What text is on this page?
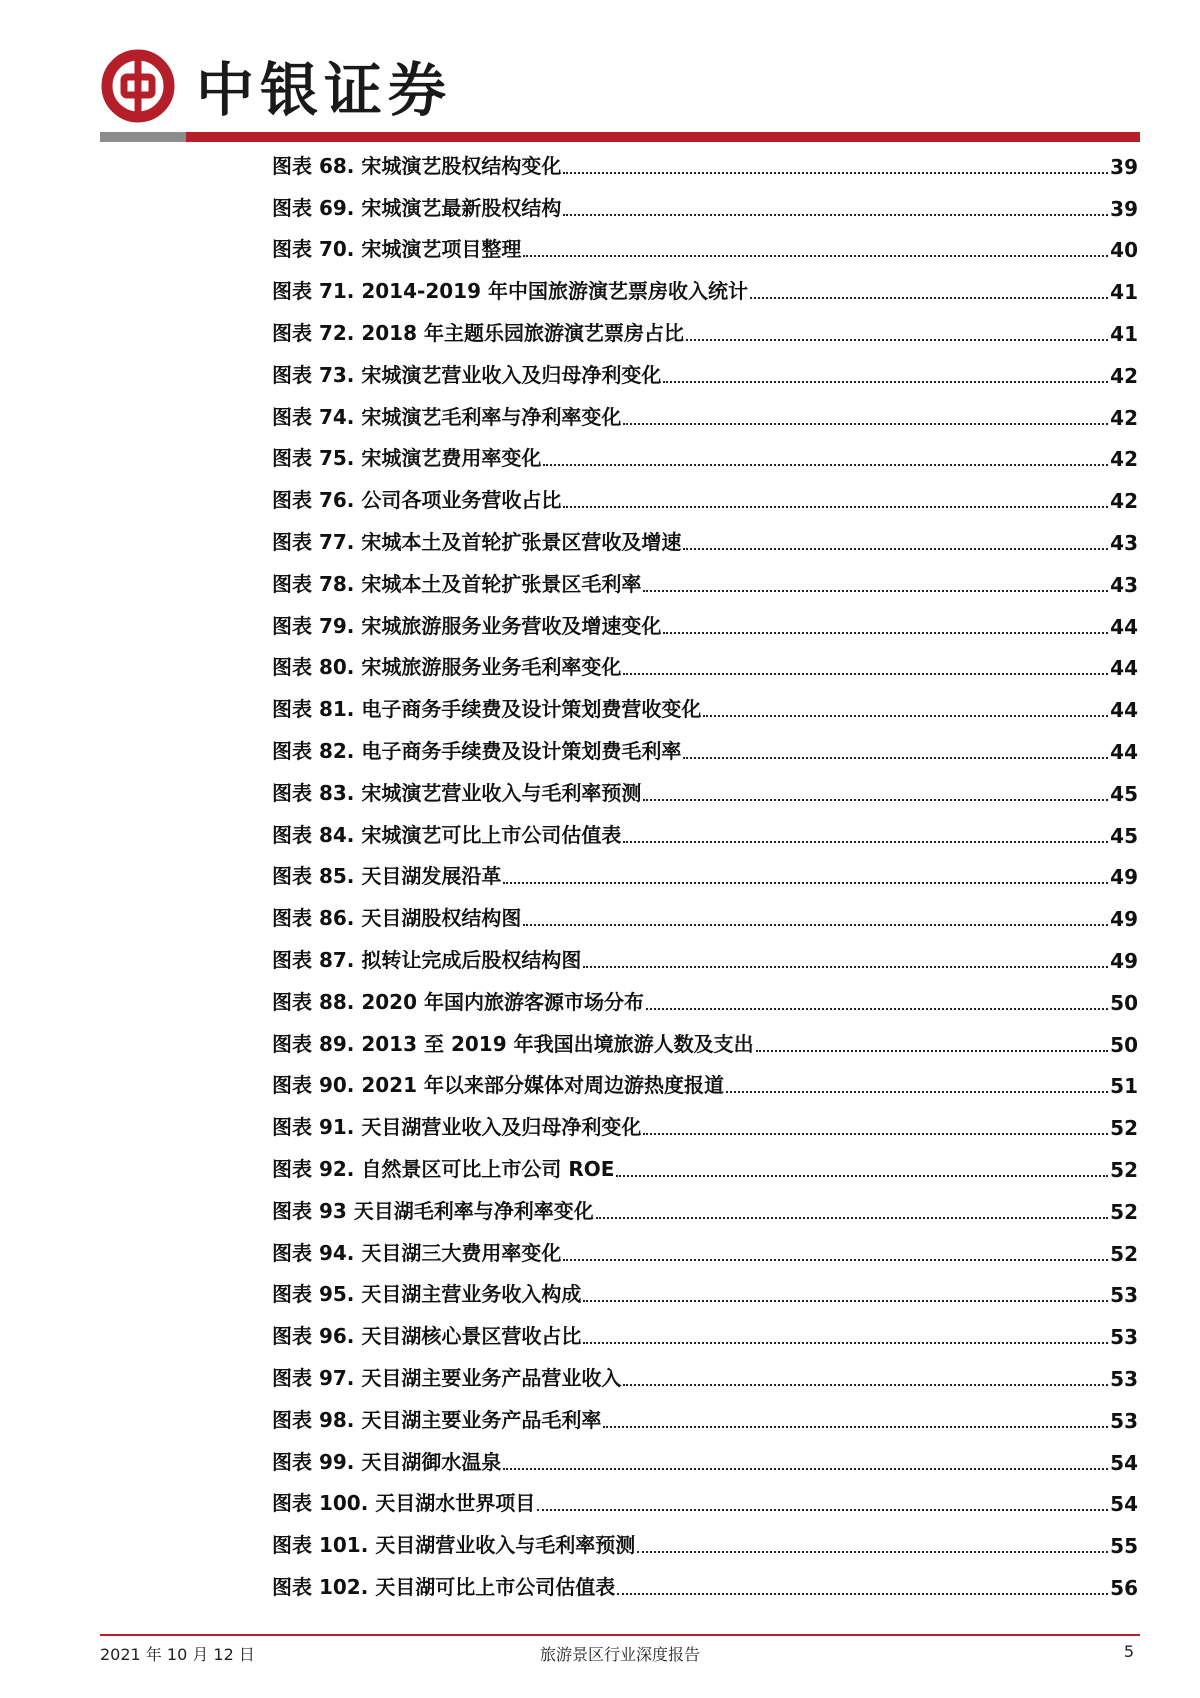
中银证券
图表 68. 宋城演艺股权结构变化	39
图表 69. 宋城演艺最新股权结构	39
图表 70. 宋城演艺项目整理	40
图表 71. 2014-2019 年中国旅游演艺票房收入统计	41
图表 72. 2018 年主题乐园旅游演艺票房占比	41
图表 73. 宋城演艺营业收入及归母净利变化	42
图表 74. 宋城演艺毛利率与净利率变化	42
图表 75. 宋城演艺费用率变化	42
图表 76. 公司各项业务营收占比	42
图表 77. 宋城本土及首轮扩张景区营收及增速	43
图表 78. 宋城本土及首轮扩张景区毛利率	43
图表 79. 宋城旅游服务业务营收及增速变化	44
图表 80. 宋城旅游服务业务毛利率变化	44
图表 81. 电子商务手续费及设计策划费营收变化	44
图表 82. 电子商务手续费及设计策划费毛利率	44
图表 83. 宋城演艺营业收入与毛利率预测	45
图表 84. 宋城演艺可比上市公司估值表	45
图表 85. 天目湖发展沿革	49
图表 86. 天目湖股权结构图	49
图表 87. 拟转让完成后股权结构图	49
图表 88. 2020 年国内旅游客源市场分布	50
图表 89. 2013 至 2019 年我国出境旅游人数及支出	50
图表 90. 2021 年以来部分媒体对周边游热度报道	51
图表 91. 天目湖营业收入及归母净利变化	52
图表 92. 自然景区可比上市公司 ROE	52
图表 93 天目湖毛利率与净利率变化	52
图表 94. 天目湖三大费用率变化	52
图表 95. 天目湖主营业务收入构成	53
图表 96. 天目湖核心景区营收占比	53
图表 97. 天目湖主要业务产品营业收入	53
图表 98. 天目湖主要业务产品毛利率	53
图表 99. 天目湖御水温泉	54
图表 100. 天目湖水世界项目	54
图表 101. 天目湖营业收入与毛利率预测	55
图表 102. 天目湖可比上市公司估值表	56
2021 年 10 月 12 日	旅游景区行业深度报告	5
